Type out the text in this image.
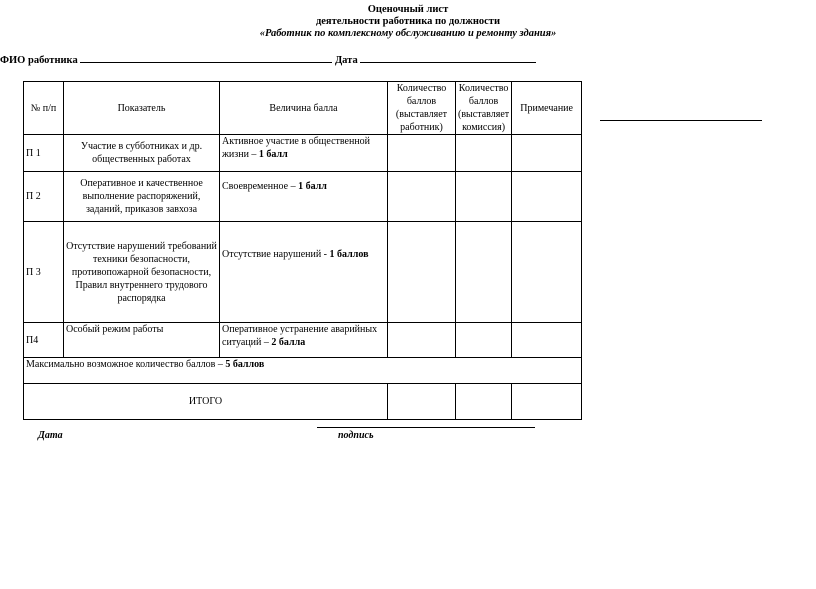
Оценочный лист
деятельности работника по должности
«Работник по комплексному обслуживанию и ремонту здания»
ФИО работника	Дата
№ п/п	Показатель	Величина балла	Количество баллов (выставляет работник)	Количество баллов (выставляет комиссия)	Примечание
П 1	Участие в субботниках и др. общественных работах	Активное участие в общественной жизни – 1 балл			
П 2	Оперативное и качественное выполнение распоряжений, заданий, приказов завхоза	Своевременное – 1 балл			
П 3	Отсутствие нарушений требований техники безопасности, противопожарной безопасности, Правил внутреннего трудового распорядка	Отсутствие нарушений - 1 баллов			
П4	Особый режим работы	Оперативное устранение аварийных ситуаций – 2 балла			
Максимально возможное количество баллов – 5 баллов					
ИТОГО					
Дата	подпись
